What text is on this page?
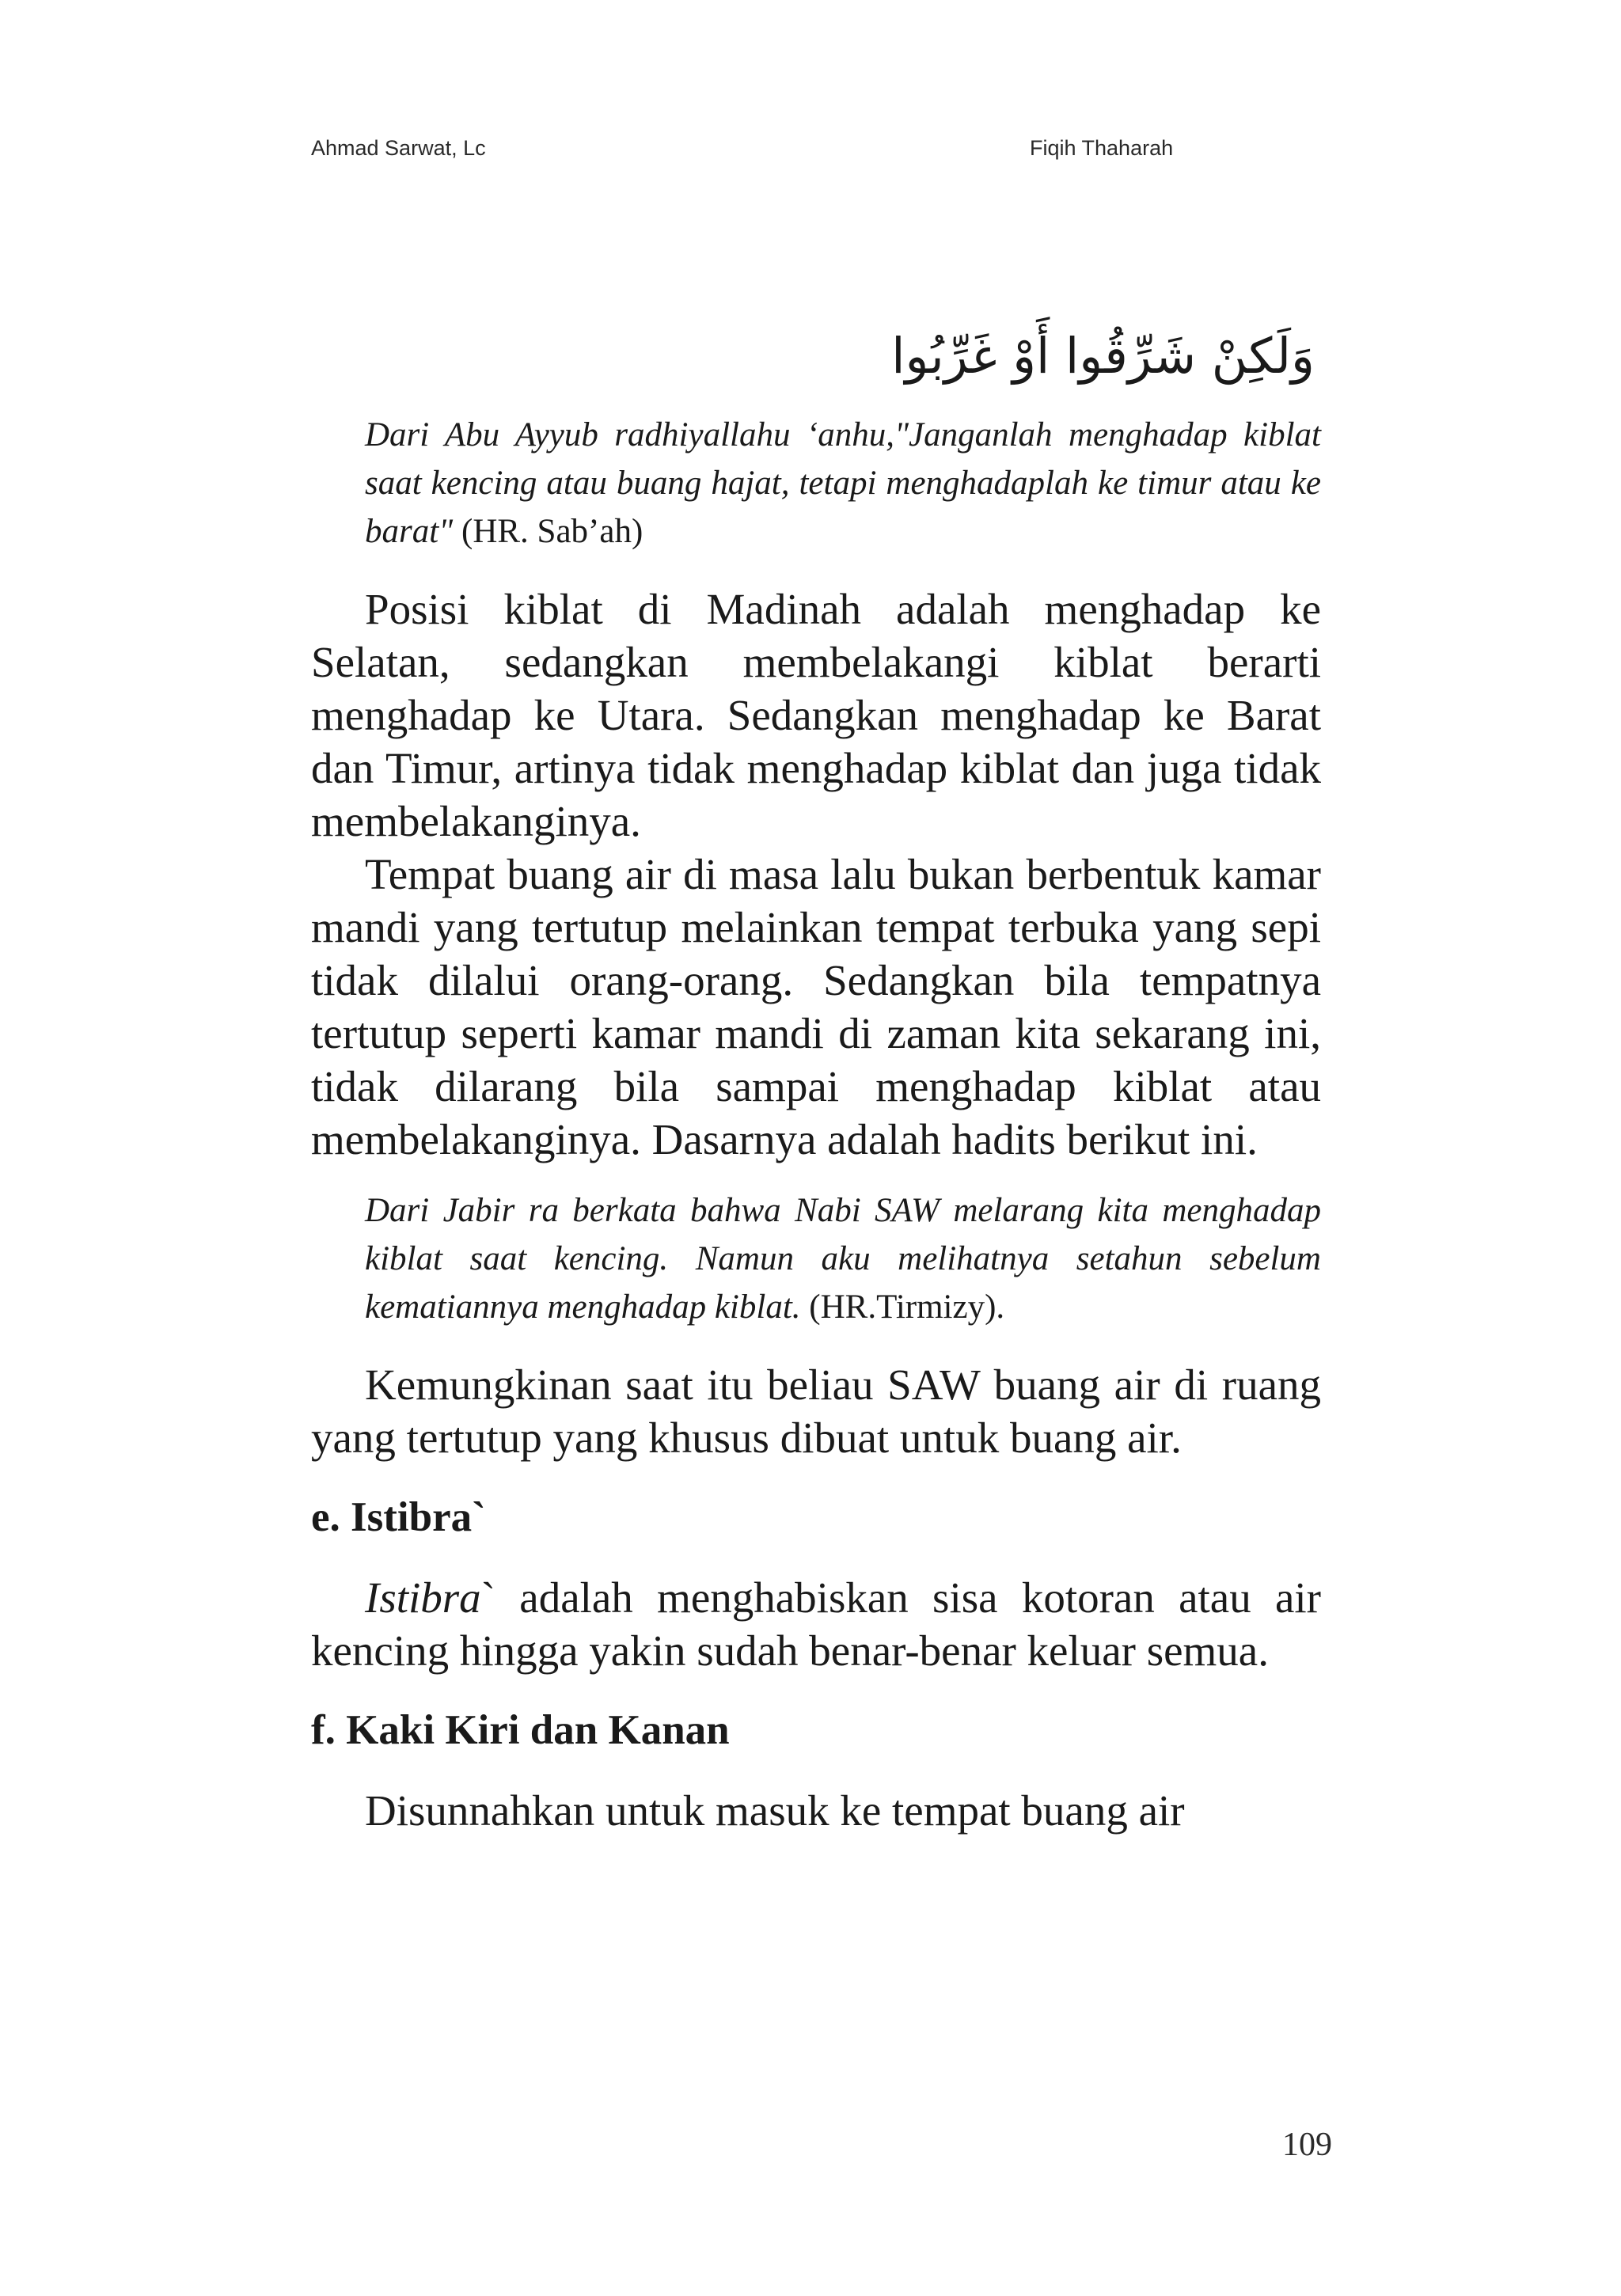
Ahmad Sarwat, Lc	Fiqih Thaharah

وَلَكِنْ شَرِّقُوا أَوْ غَرِّبُوا

Dari Abu Ayyub radhiyallahu ‘anhu,"Janganlah menghadap kiblat saat kencing atau buang hajat, tetapi menghadaplah ke timur atau ke barat" (HR. Sab’ah)

Posisi kiblat di Madinah adalah menghadap ke Selatan, sedangkan membelakangi kiblat berarti menghadap ke Utara. Sedangkan menghadap ke Barat dan Timur, artinya tidak menghadap kiblat dan juga tidak membelakanginya.

Tempat buang air di masa lalu bukan berbentuk kamar mandi yang tertutup melainkan tempat terbuka yang sepi tidak dilalui orang-orang. Sedangkan bila tempatnya tertutup seperti kamar mandi di zaman kita sekarang ini, tidak dilarang bila sampai menghadap kiblat atau membelakanginya. Dasarnya adalah hadits berikut ini.

Dari Jabir ra berkata bahwa Nabi SAW melarang kita menghadap kiblat saat kencing. Namun aku melihatnya setahun sebelum kematiannya menghadap kiblat. (HR.Tirmizy).

Kemungkinan saat itu beliau SAW buang air di ruang yang tertutup yang khusus dibuat untuk buang air.

e. Istibra`

Istibra` adalah menghabiskan sisa kotoran atau air kencing hingga yakin sudah benar-benar keluar semua.

f. Kaki Kiri dan Kanan

Disunnahkan untuk masuk ke tempat buang air

109
